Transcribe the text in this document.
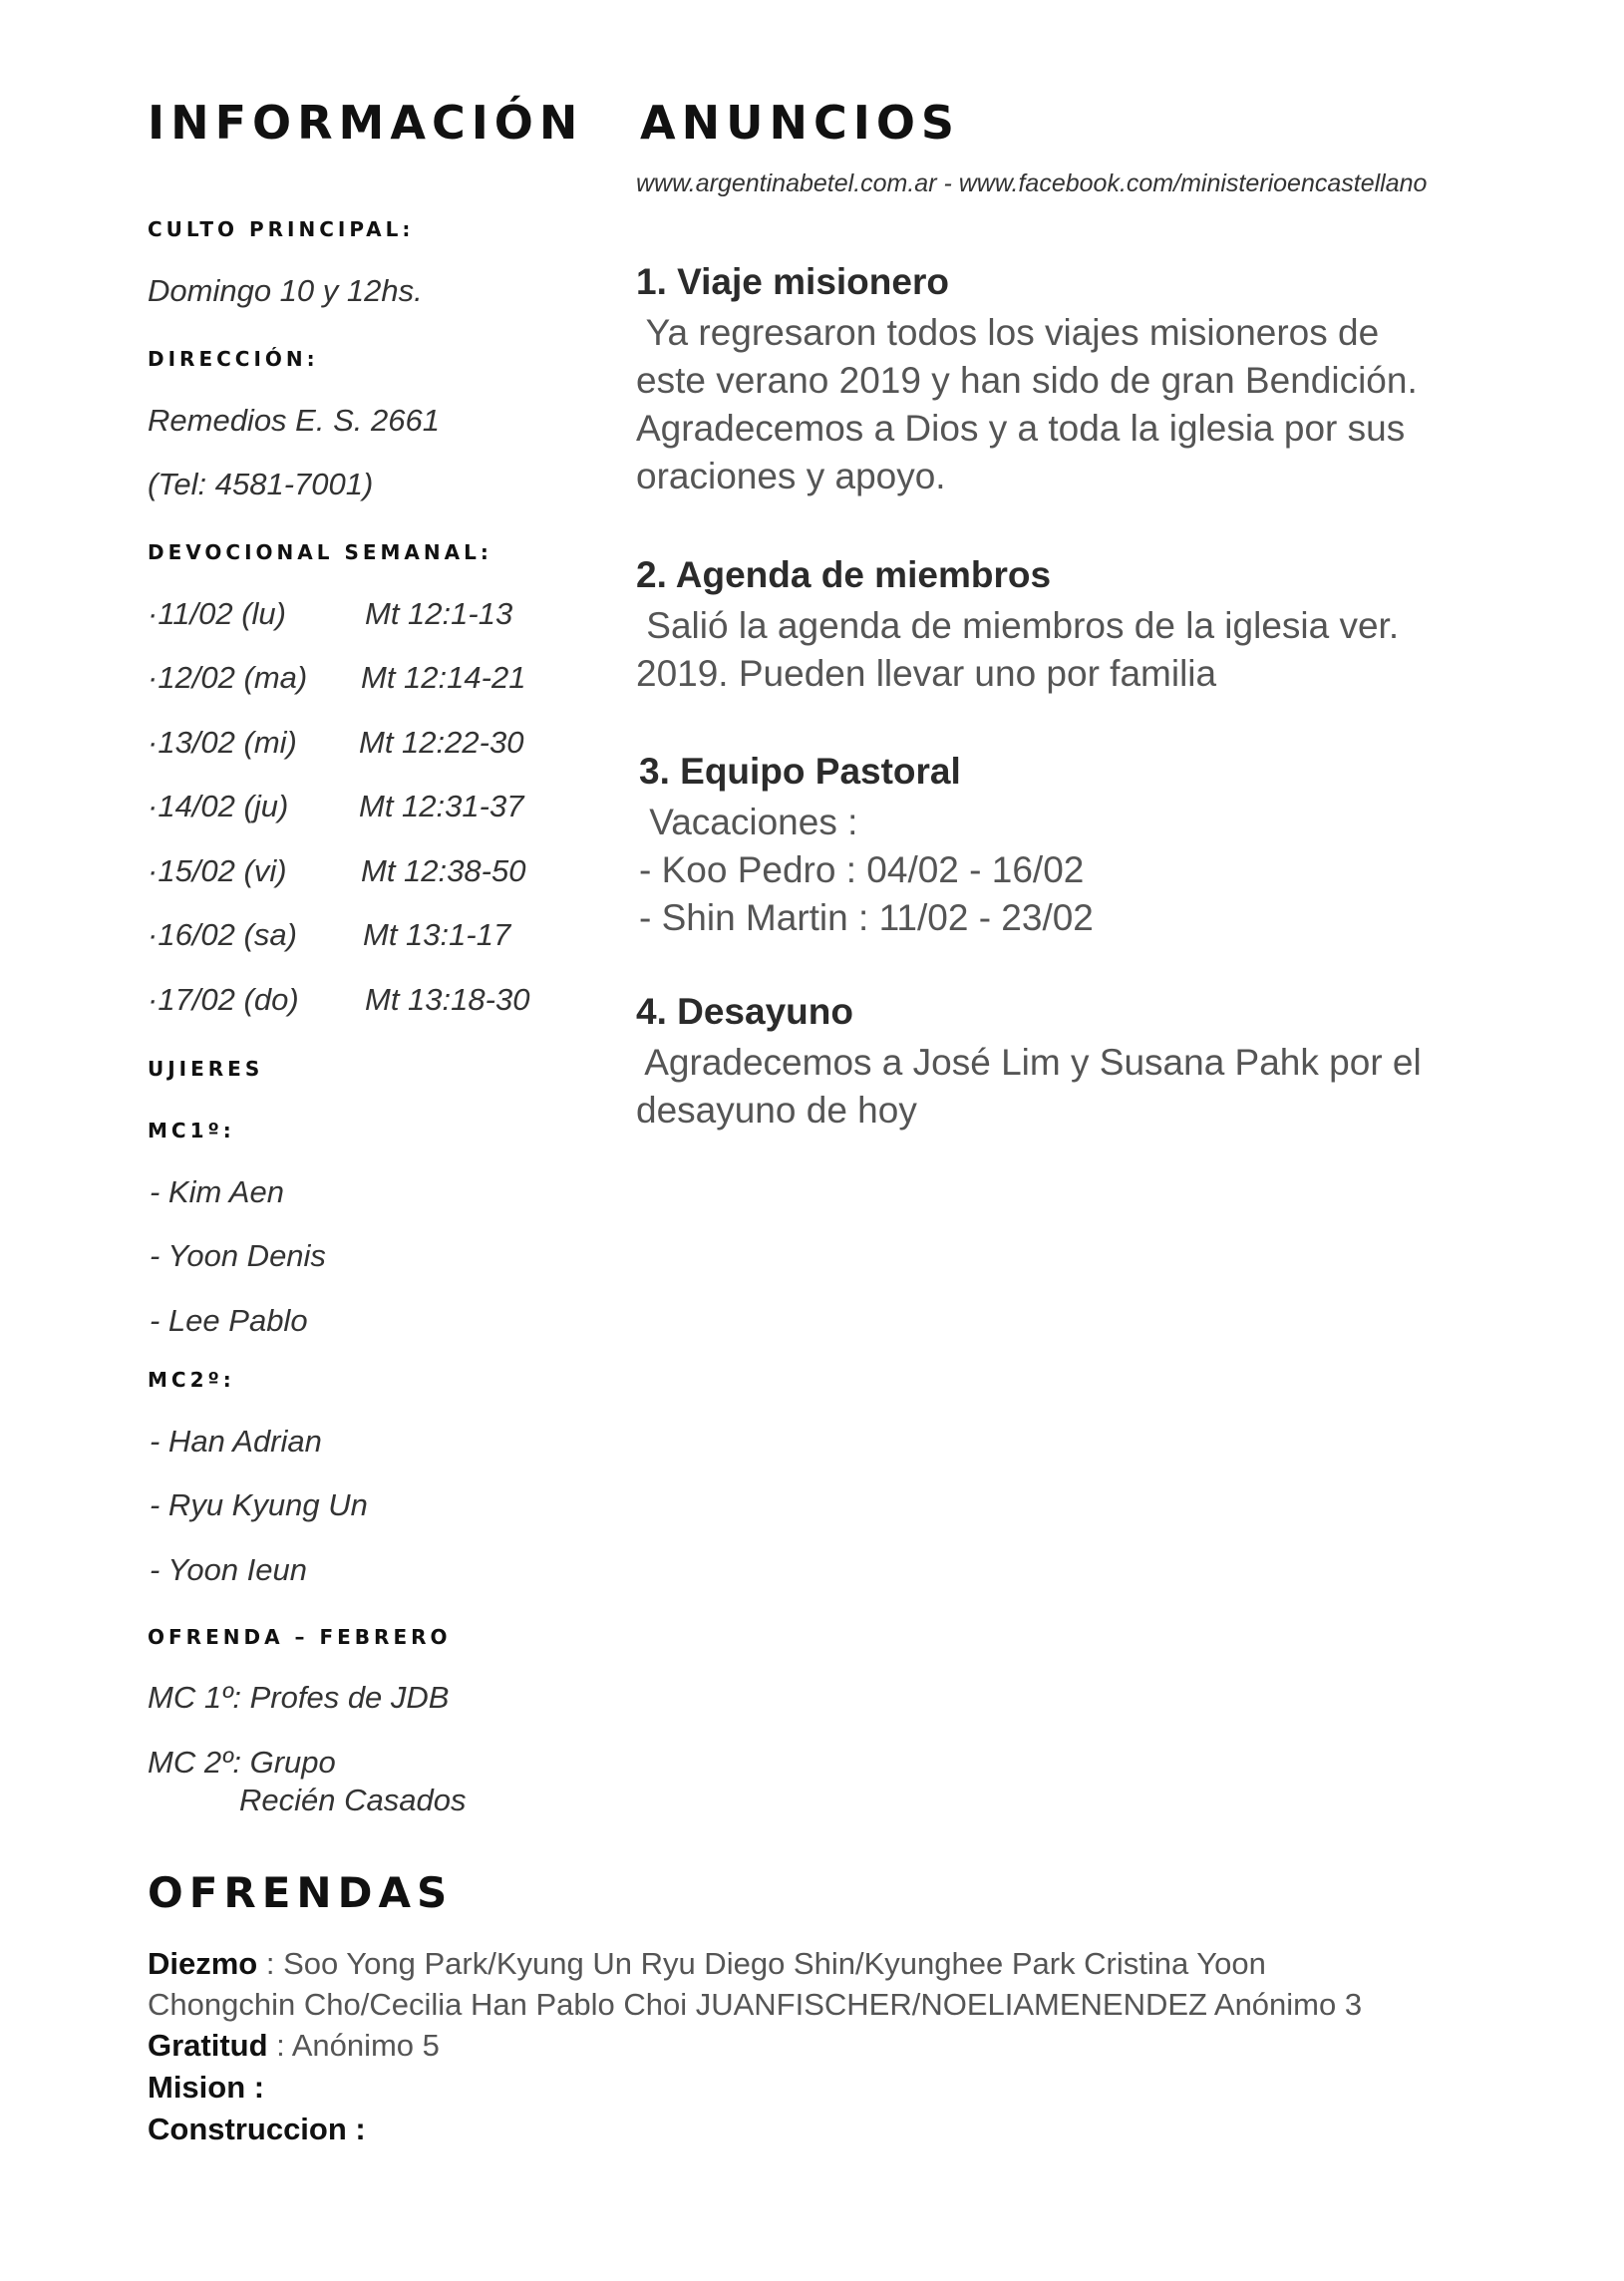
INFORMACIÓN
CULTO PRINCIPAL:
Domingo 10 y 12hs.
DIRECCIÓN:
Remedios E. S. 2661
(Tel: 4581-7001)
DEVOCIONAL SEMANAL:
·11/02 (lu)	Mt 12:1-13
·12/02 (ma) Mt 12:14-21
·13/02 (mi) Mt 12:22-30
·14/02 (ju) Mt 12:31-37
·15/02 (vi) Mt 12:38-50
·16/02 (sa) Mt 13:1-17
·17/02 (do) Mt 13:18-30
UJIERES
MC1º:
- Kim Aen
- Yoon Denis
- Lee Pablo
MC2º:
- Han Adrian
- Ryu Kyung Un
- Yoon Ieun
OFRENDA – FEBRERO
MC 1º: Profes de JDB
MC 2º: Grupo
Recién Casados
ANUNCIOS
www.argentinabetel.com.ar - www.facebook.com/ministerioencastellano
1. Viaje misionero
Ya regresaron todos los viajes misioneros de
este verano 2019 y han sido de gran Bendición.
Agradecemos a Dios y a toda la iglesia por sus
oraciones y apoyo.
2. Agenda de miembros
Salió la agenda de miembros de la iglesia ver.
2019. Pueden llevar uno por familia
3. Equipo Pastoral
Vacaciones :
- Koo Pedro : 04/02 - 16/02
- Shin Martin : 11/02 - 23/02
4. Desayuno
Agradecemos a José Lim y Susana Pahk por el
desayuno de hoy
OFRENDAS
Diezmo : Soo Yong Park/Kyung Un Ryu Diego Shin/Kyunghee Park Cristina Yoon
Chongchin Cho/Cecilia Han Pablo Choi JUANFISCHER/NOELIAMENENDEZ Anónimo 3
Gratitud : Anónimo 5
Mision :
Construccion :
